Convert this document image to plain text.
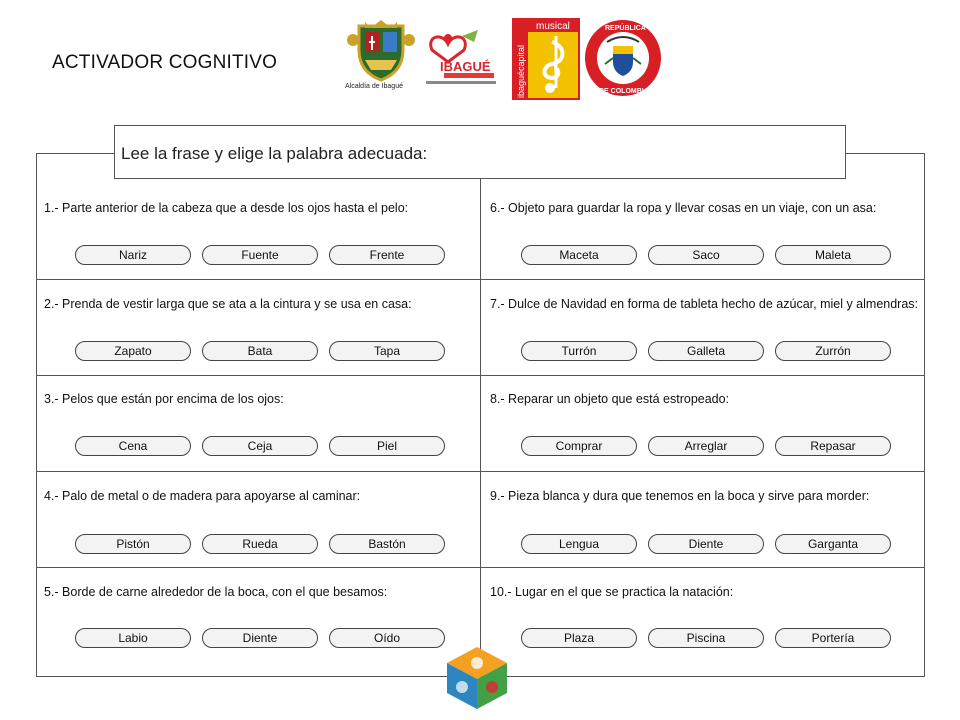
ACTIVADOR COGNITIVO
Alcaldía de Ibagué
IBAGUÉ
musical
ibaguécapital
REPÚBLICA
DE COLOMBIA
Lee la frase y elige la palabra adecuada:
1.- Parte anterior de la cabeza que a desde los ojos hasta el pelo:
Nariz	Fuente	Frente
2.- Prenda de vestir larga que se ata a la cintura y se usa en casa:
Zapato	Bata	Tapa
3.- Pelos que están por encima de los ojos:
Cena	Ceja	Piel
4.- Palo de metal o de madera para apoyarse al caminar:
Pistón	Rueda	Bastón
5.- Borde de carne alrededor de la boca, con el que besamos:
Labio	Diente	Oído
6.- Objeto para guardar la ropa y llevar cosas en un viaje, con un asa:
Maceta	Saco	Maleta
7.- Dulce de Navidad en forma de tableta hecho de azúcar, miel y almendras:
Turrón	Galleta	Zurrón
8.- Reparar un objeto que está estropeado:
Comprar	Arreglar	Repasar
9.- Pieza blanca y dura que tenemos en la boca y sirve para morder:
Lengua	Diente	Garganta
10.- Lugar en el que se practica la natación:
Plaza	Piscina	Portería
